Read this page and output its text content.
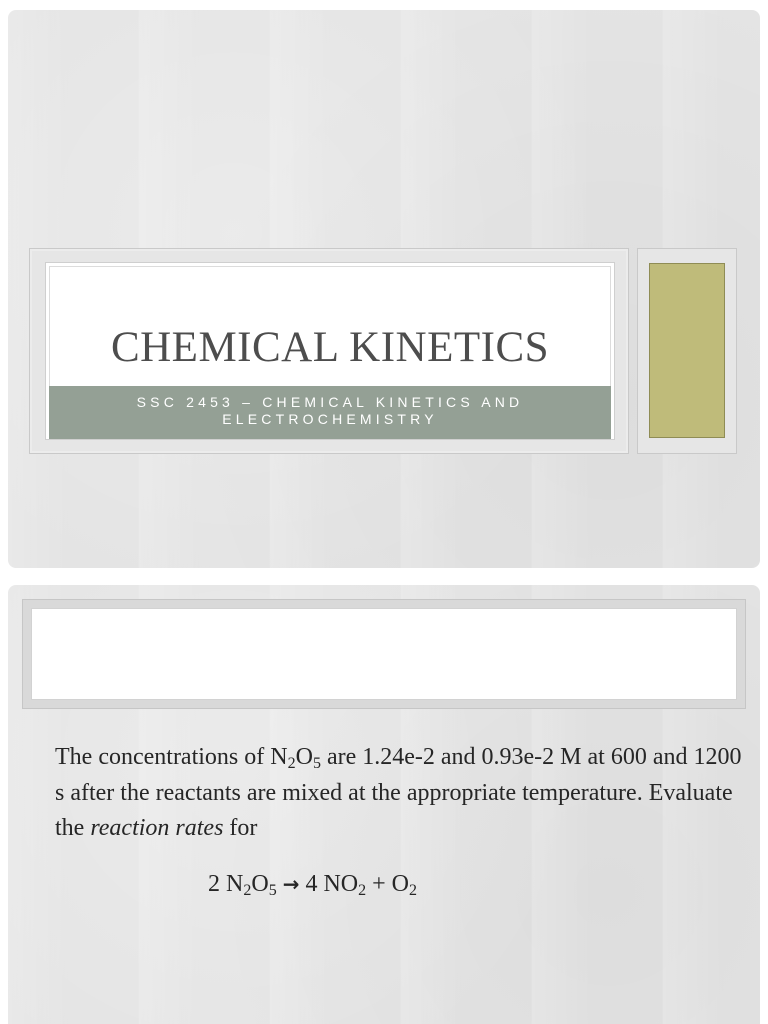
CHEMICAL KINETICS
SSC 2453 – CHEMICAL KINETICS AND
ELECTROCHEMISTRY
The concentrations of $N_2O_5$ are 1.24e-2 and 0.93e-2 M at 600 and 1200 s after the reactants are mixed at the appropriate temperature. Evaluate the reaction rates for
2 $N_2O_5 \to 4$ $NO_2 + O_2$
